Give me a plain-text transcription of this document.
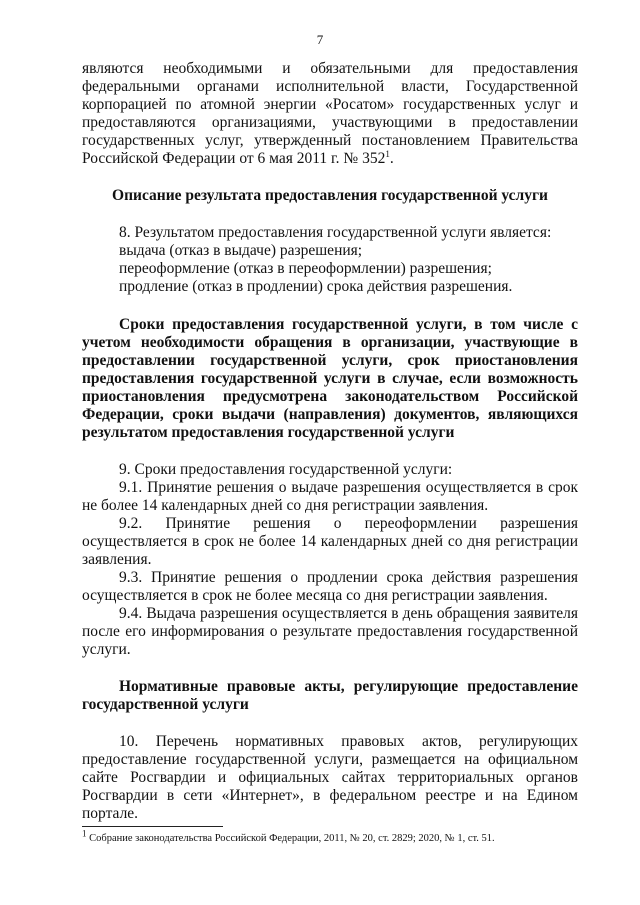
7

являются необходимыми и обязательными для предоставления федеральными органами исполнительной власти, Государственной корпорацией по атомной энергии «Росатом» государственных услуг и предоставляются организациями, участвующими в предоставлении государственных услуг, утвержденный постановлением Правительства Российской Федерации от 6 мая 2011 г. № $352^1$.

Описание результата предоставления государственной услуги

8. Результатом предоставления государственной услуги является:

выдача (отказ в выдаче) разрешения;

переоформление (отказ в переоформлении) разрешения;

продление (отказ в продлении) срока действия разрешения.

Сроки предоставления государственной услуги, в том числе с учетом необходимости обращения в организации, участвующие в предоставлении государственной услуги, срок приостановления предоставления государственной услуги в случае, если возможность приостановления предусмотрена законодательством Российской Федерации, сроки выдачи (направления) документов, являющихся результатом предоставления государственной услуги

9. Сроки предоставления государственной услуги:

9.1. Принятие решения о выдаче разрешения осуществляется в срок не более 14 календарных дней со дня регистрации заявления.

9.2. Принятие решения о переоформлении разрешения осуществляется в срок не более 14 календарных дней со дня регистрации заявления.

9.3. Принятие решения о продлении срока действия разрешения осуществляется в срок не более месяца со дня регистрации заявления.

9.4. Выдача разрешения осуществляется в день обращения заявителя после его информирования о результате предоставления государственной услуги.

Нормативные правовые акты, регулирующие предоставление государственной услуги

10. Перечень нормативных правовых актов, регулирующих предоставление государственной услуги, размещается на официальном сайте Росгвардии и официальных сайтах территориальных органов Росгвардии в сети «Интернет», в федеральном реестре и на Едином портале.

1 Собрание законодательства Российской Федерации, 2011, № 20, ст. 2829; 2020, № 1, ст. 51.
